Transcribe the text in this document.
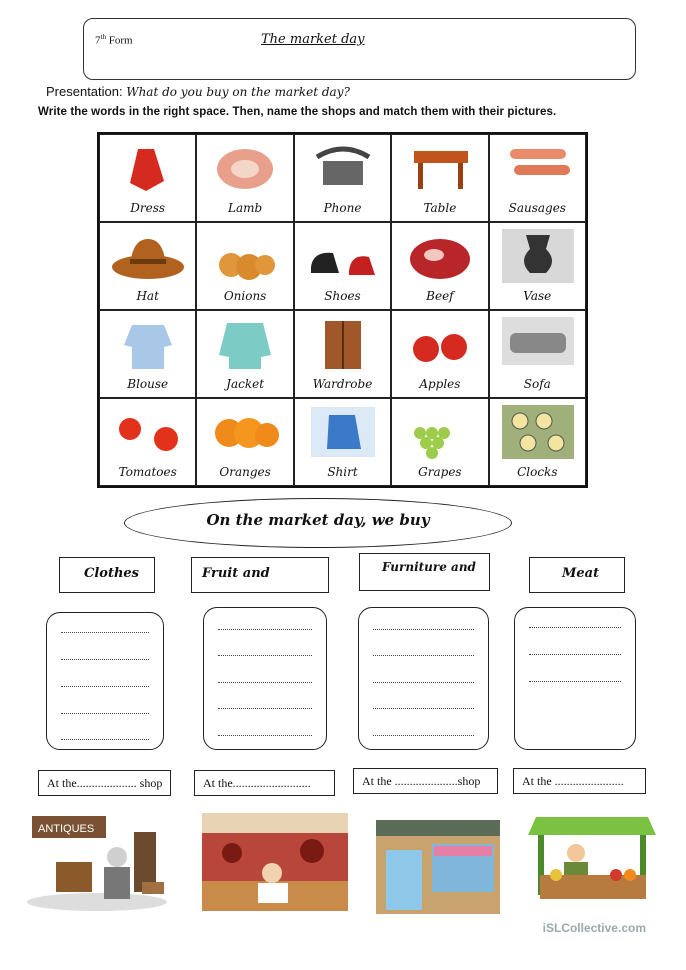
7th Form	The market day
Presentation: What do you buy on the market day?
Write the words in the right space. Then, name the shops and match them with their pictures.
Dress	Lamb	Phone	Table	Sausages
Hat	Onions	Shoes	Beef	Vase
Blouse	Jacket	Wardrobe	Apples	Sofa
Tomatoes	Oranges	Shirt	Grapes	Clocks
On the market day, we buy
Clothes	Fruit and	Furniture and	Meat
At the.................... shop	At the..........................	At the .....................shop	At the .......................
ANTIQUES
iSLCollective.com
